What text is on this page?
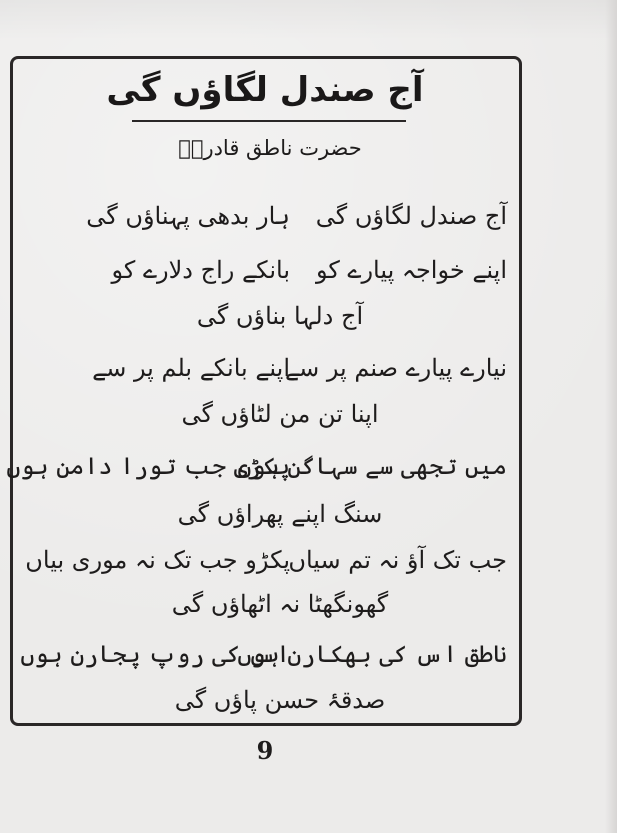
آج صندل لگاؤں گی
حضرت ناطق قادریؒ
آج صندل لگاؤں گی
ہار بدھی پہناؤں گی
اپنے خواجہ پیارے کو
بانکے راج دلارے کو
آج دلہا بناؤں گی
نیارے پیارے صنم پر سے
اپنے بانکے بلم پر سے
اپنا تن من لٹاؤں گی
میں تجھی سے سہاگن ہوں
پکڑی جب تورا دامن ہوں
سنگ اپنے پھراؤں گی
جب تک آؤ نہ تم سیاں
پکڑو جب تک نہ موری بیاں
گھونگھٹا نہ اٹھاؤں گی
ناطق اس کی بھکارن ہوں
اس کی روپ پجارن ہوں
صدقۂ حسن پاؤں گی
9
